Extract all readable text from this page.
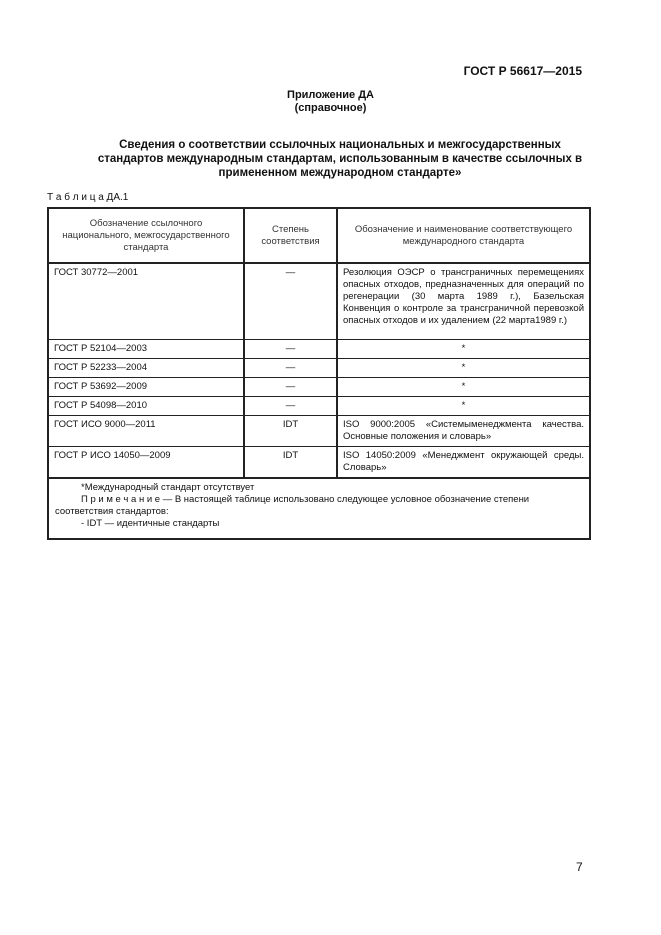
ГОСТ Р 56617—2015
Приложение ДА
(справочное)
Сведения о соответствии ссылочных национальных и межгосударственных стандартов международным стандартам, использованным в качестве ссылочных в примененном международном стандарте»
Т а б л и ц а ДА.1
Обозначение ссылочного национального, межгосударственного стандарта	Степень соответствия	Обозначение и наименование соответствующего международного стандарта
ГОСТ 30772—2001	—	Резолюция ОЭСР о трансграничных перемещениях опасных отходов, предназначенных для операций по регенерации (30 марта 1989 г.), Базельская Конвенция о контроле за трансграничной перевозкой опасных отходов и их удалением (22 марта1989 г.)
ГОСТ Р 52104—2003	—	*
ГОСТ Р 52233—2004	—	*
ГОСТ Р 53692—2009	—	*
ГОСТ Р 54098—2010	—	*
ГОСТ ИСО 9000—2011	IDT	ISO 9000:2005 «Системыменеджмента качества. Основные положения и словарь»
ГОСТ Р ИСО 14050—2009	IDT	ISO 14050:2009 «Менеджмент окружающей среды. Словарь»

*Международный стандарт отсутствует
П р и м е ч а н и е — В настоящей таблице использовано следующее условное обозначение степени соответствия стандартов:
- IDT — идентичные стандарты		
7
